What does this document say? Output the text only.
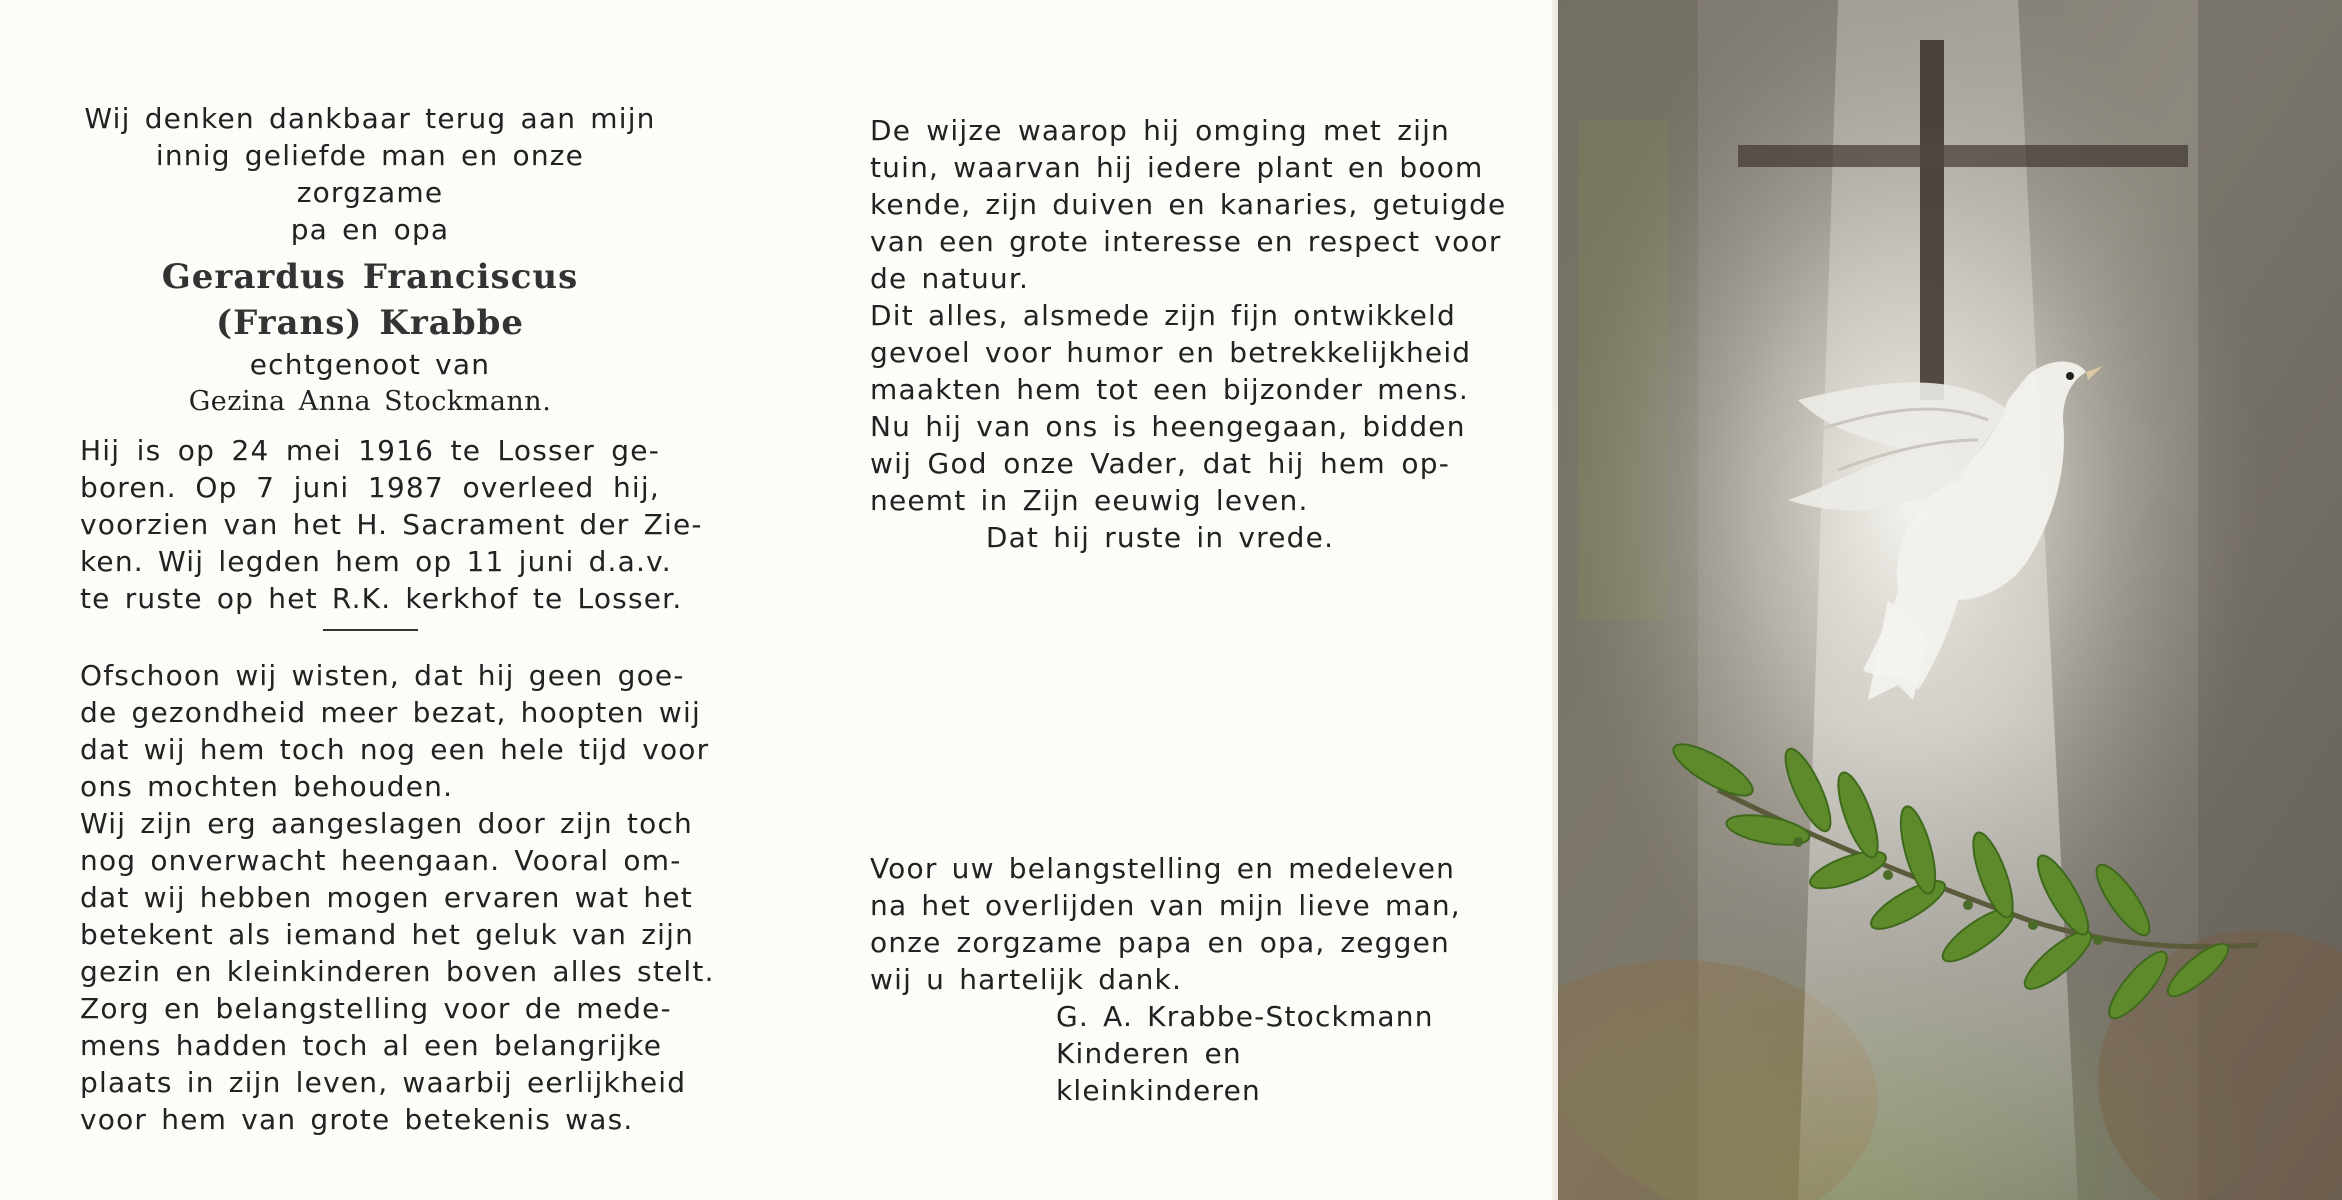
Wij denken dankbaar terug aan mijn
innig geliefde man en onze zorgzame
pa en opa
Gerardus Franciscus
(Frans) Krabbe
echtgenoot van
Gezina Anna Stockmann.
Hij is op 24 mei 1916 te Losser ge-
boren. Op 7 juni 1987 overleed hij,
voorzien van het H. Sacrament der Zie-
ken. Wij legden hem op 11 juni d.a.v.
te ruste op het R.K. kerkhof te Losser.
Ofschoon wij wisten, dat hij geen goe-
de gezondheid meer bezat, hoopten wij
dat wij hem toch nog een hele tijd voor
ons mochten behouden.
Wij zijn erg aangeslagen door zijn toch
nog onverwacht heengaan. Vooral om-
dat wij hebben mogen ervaren wat het
betekent als iemand het geluk van zijn
gezin en kleinkinderen boven alles stelt.
Zorg en belangstelling voor de mede-
mens hadden toch al een belangrijke
plaats in zijn leven, waarbij eerlijkheid
voor hem van grote betekenis was.
De wijze waarop hij omging met zijn
tuin, waarvan hij iedere plant en boom
kende, zijn duiven en kanaries, getuigde
van een grote interesse en respect voor
de natuur.
Dit alles, alsmede zijn fijn ontwikkeld
gevoel voor humor en betrekkelijkheid
maakten hem tot een bijzonder mens.
Nu hij van ons is heengegaan, bidden
wij God onze Vader, dat hij hem op-
neemt in Zijn eeuwig leven.
Dat hij ruste in vrede.
Voor uw belangstelling en medeleven
na het overlijden van mijn lieve man,
onze zorgzame papa en opa, zeggen
wij u hartelijk dank.
G. A. Krabbe-Stockmann
Kinderen en kleinkinderen
